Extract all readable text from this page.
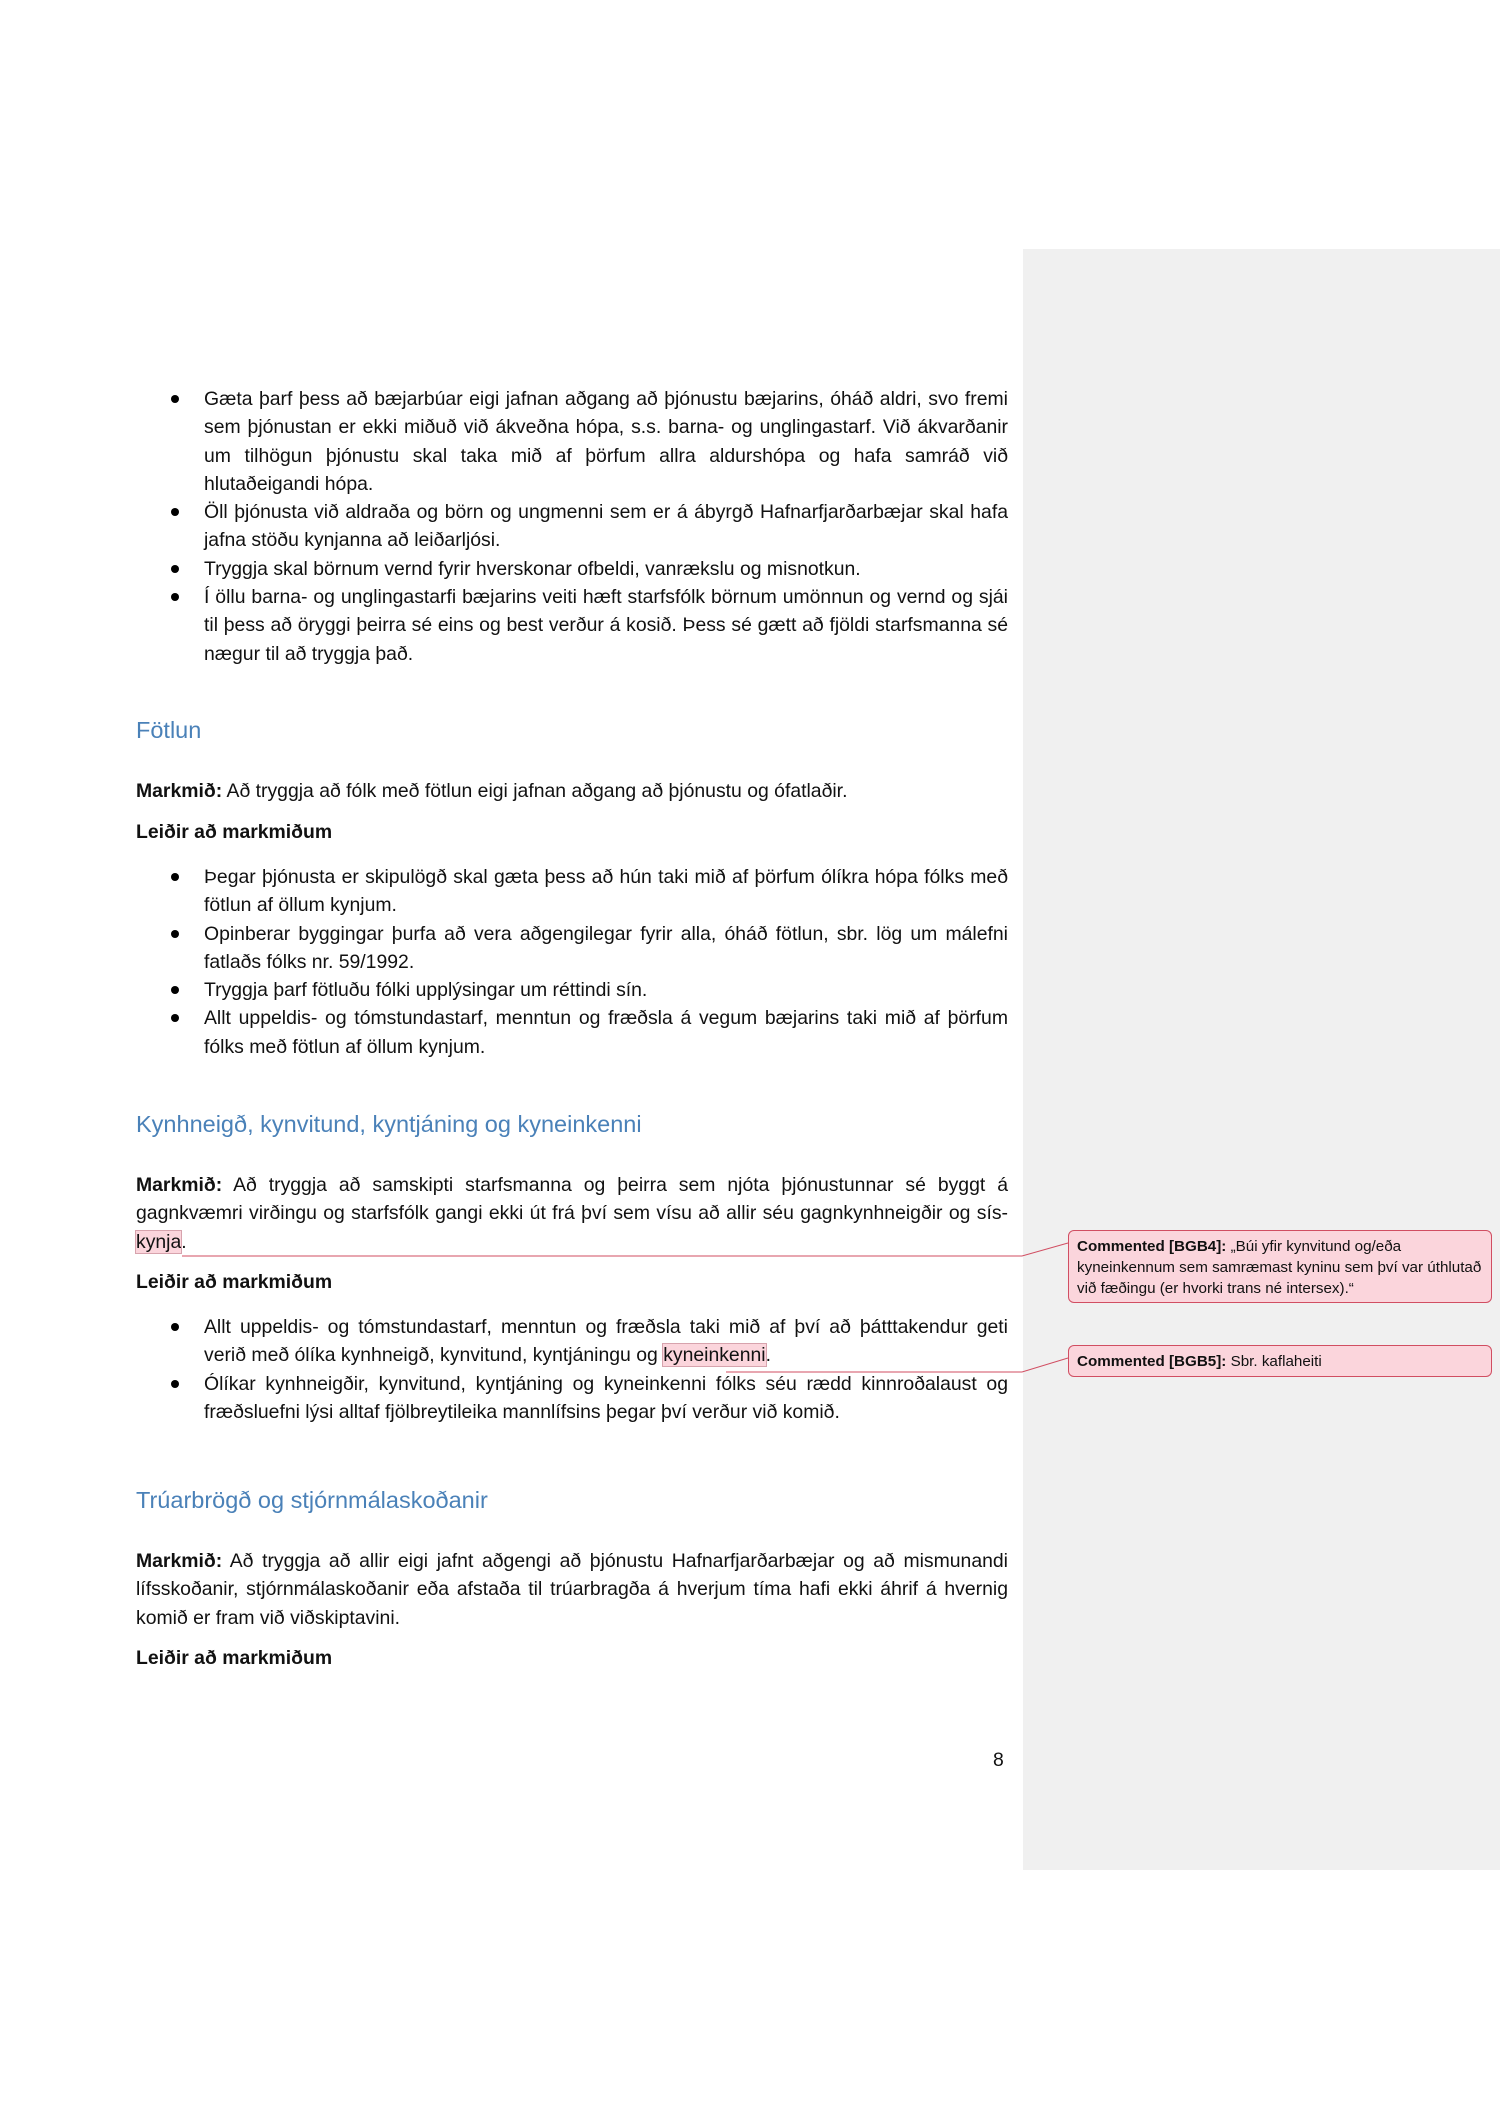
Gæta þarf þess að bæjarbúar eigi jafnan aðgang að þjónustu bæjarins, óháð aldri, svo fremi sem þjónustan er ekki miðuð við ákveðna hópa, s.s. barna- og unglingastarf. Við ákvarðanir um tilhögun þjónustu skal taka mið af þörfum allra aldurshópa og hafa samráð við hlutaðeigandi hópa.
Öll þjónusta við aldraða og börn og ungmenni sem er á ábyrgð Hafnarfjarðarbæjar skal hafa jafna stöðu kynjanna að leiðarljósi.
Tryggja skal börnum vernd fyrir hverskonar ofbeldi, vanrækslu og misnotkun.
Í öllu barna- og unglingastarfi bæjarins veiti hæft starfsfólk börnum umönnun og vernd og sjái til þess að öryggi þeirra sé eins og best verður á kosið. Þess sé gætt að fjöldi starfsmanna sé nægur til að tryggja það.
Fötlun
Markmið: Að tryggja að fólk með fötlun eigi jafnan aðgang að þjónustu og ófatlaðir.
Leiðir að markmiðum
Þegar þjónusta er skipulögð skal gæta þess að hún taki mið af þörfum ólíkra hópa fólks með fötlun af öllum kynjum.
Opinberar byggingar þurfa að vera aðgengilegar fyrir alla, óháð fötlun, sbr. lög um málefni fatlaðs fólks nr. 59/1992.
Tryggja þarf fötluðu fólki upplýsingar um réttindi sín.
Allt uppeldis- og tómstundastarf, menntun og fræðsla á vegum bæjarins taki mið af þörfum fólks með fötlun af öllum kynjum.
Kynhneigð, kynvitund, kyntjáning og kyneinkenni
Markmið: Að tryggja að samskipti starfsmanna og þeirra sem njóta þjónustunnar sé byggt á gagnkvæmri virðingu og starfsfólk gangi ekki út frá því sem vísu að allir séu gagnkynhneigðir og sís-kynja.
Leiðir að markmiðum
Allt uppeldis- og tómstundastarf, menntun og fræðsla taki mið af því að þátttakendur geti verið með ólíka kynhneigð, kynvitund, kyntjáningu og kyneinkenni.
Ólíkar kynhneigðir, kynvitund, kyntjáning og kyneinkenni fólks séu rædd kinnroðalaust og fræðsluefni lýsi alltaf fjölbreytileika mannlífsins þegar því verður við komið.
Trúarbrögð og stjórnmálaskoðanir
Markmið: Að tryggja að allir eigi jafnt aðgengi að þjónustu Hafnarfjarðarbæjar og að mismunandi lífsskoðanir, stjórnmálaskoðanir eða afstaða til trúarbragða á hverjum tíma hafi ekki áhrif á hvernig komið er fram við viðskiptavini.
Leiðir að markmiðum
8
Commented [BGB4]: „Búi yfir kynvitund og/eða kyneinkennum sem samræmast kyninu sem því var úthlutað við fæðingu (er hvorki trans né intersex).“
Commented [BGB5]: Sbr. kaflaheiti
